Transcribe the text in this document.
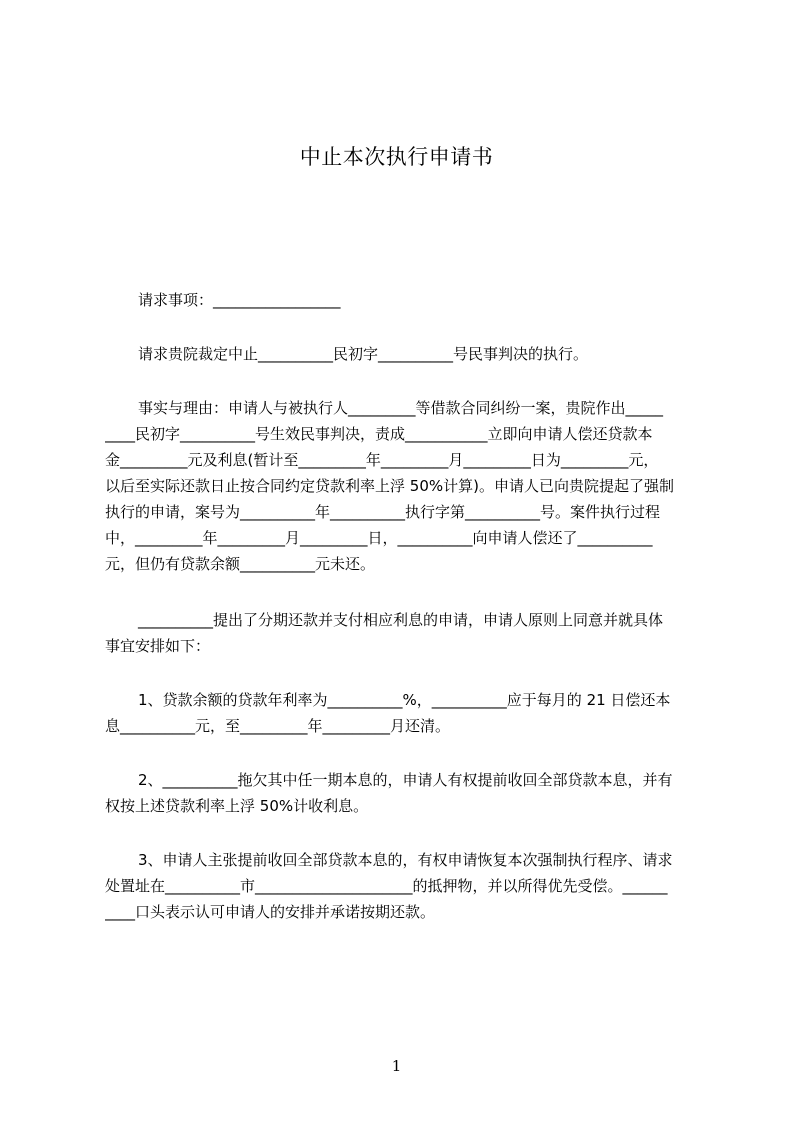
中止本次执行申请书
请求事项：_________________
请求贵院裁定中止__________民初字__________号民事判决的执行。
事实与理由：申请人与被执行人_________等借款合同纠纷一案，贵院作出_____
____民初字__________号生效民事判决，责成___________立即向申请人偿还贷款本
金_________元及利息(暂计至_________年_________月_________日为_________元，
以后至实际还款日止按合同约定贷款利率上浮 50%计算)。申请人已向贵院提起了强制
执行的申请，案号为__________年__________执行字第__________号。案件执行过程
中，_________年_________月_________日，__________向申请人偿还了__________
元，但仍有贷款余额__________元未还。
__________提出了分期还款并支付相应利息的申请，申请人原则上同意并就具体
事宜安排如下：
1、贷款余额的贷款年利率为__________%，__________应于每月的 21 日偿还本
息__________元，至_________年_________月还清。
2、__________拖欠其中任一期本息的，申请人有权提前收回全部贷款本息，并有
权按上述贷款利率上浮 50%计收利息。
3、申请人主张提前收回全部贷款本息的，有权申请恢复本次强制执行程序、请求
处置址在__________市_____________________的抵押物，并以所得优先受偿。______
____口头表示认可申请人的安排并承诺按期还款。
1
